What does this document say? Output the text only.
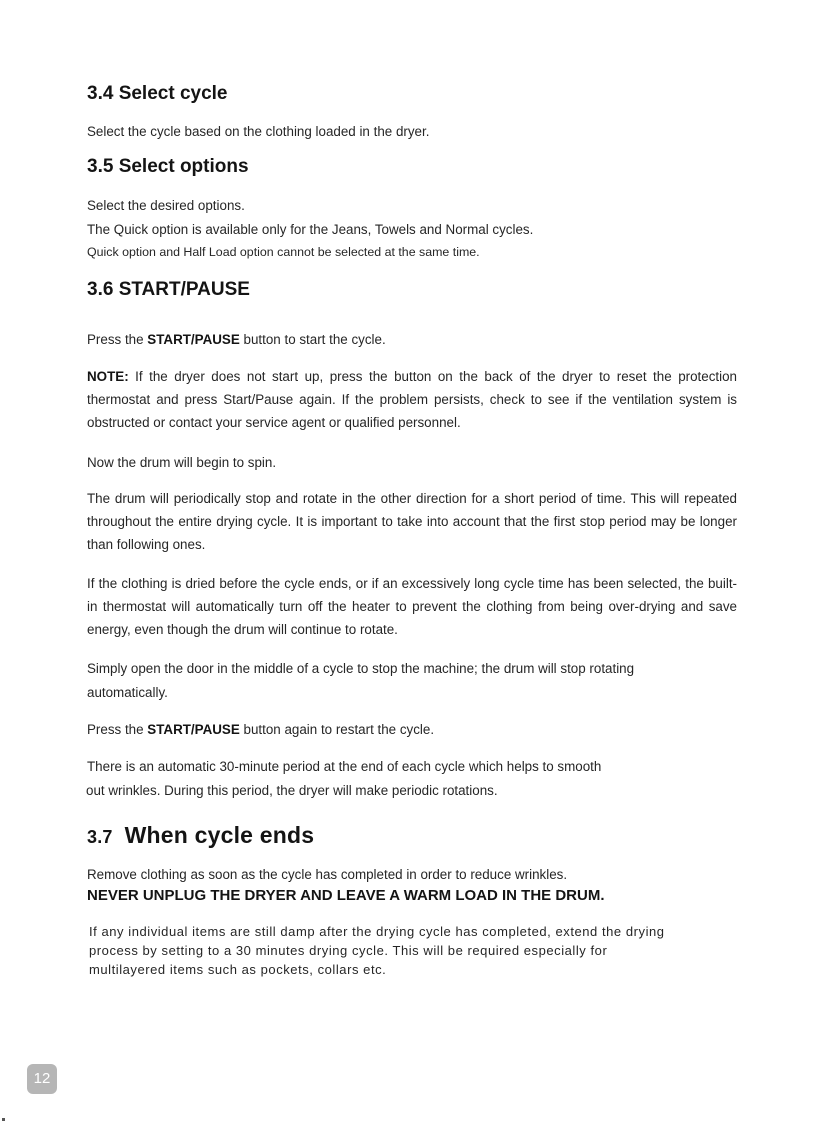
3.4 Select cycle

Select the cycle based on the clothing loaded in the dryer.

3.5 Select options

Select the desired options.

The Quick option is available only for the Jeans, Towels and Normal cycles.

Quick option and Half Load option cannot be selected at the same time.

3.6 START/PAUSE

Press the START/PAUSE button to start the cycle.

NOTE: If the dryer does not start up, press the button on the back of the dryer to reset the protection thermostat and press Start/Pause again. If the problem persists, check to see if the ventilation system is obstructed or contact your service agent or qualified personnel.

Now the drum will begin to spin.

The drum will periodically stop and rotate in the other direction for a short period of time. This will repeated throughout the entire drying cycle. It is important to take into account that the first stop period may be longer than following ones.

If the clothing is dried before the cycle ends, or if an excessively long cycle time has been selected, the built-in thermostat will automatically turn off the heater to prevent the clothing from being over-drying and save energy, even though the drum will continue to rotate.

Simply open the door in the middle of a cycle to stop the machine; the drum will stop rotating

automatically.

Press the START/PAUSE button again to restart the cycle.

There is an automatic 30-minute period at the end of each cycle which helps to smooth

out wrinkles. During this period, the dryer will make periodic rotations.

3.7 When cycle ends

Remove clothing as soon as the cycle has completed in order to reduce wrinkles.

NEVER UNPLUG THE DRYER AND LEAVE A WARM LOAD IN THE DRUM.

If any individual items are still damp after the drying cycle has completed, extend the drying

process by setting to a 30 minutes drying cycle. This will be required especially for

multilayered items such as pockets, collars etc.

12
